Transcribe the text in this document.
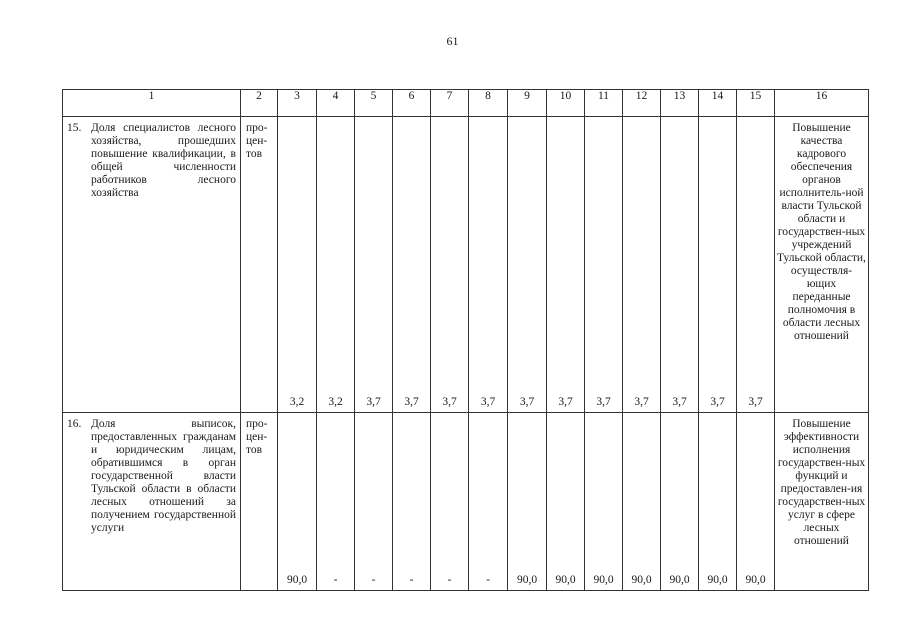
61
1	2	3	4	5	6	7	8	9	10	11	12	13	14	15	16

15. Доля специалистов лесного хозяйства, прошедших повышение квалификации, в общей численности работников лесного хозяйства	про-цен-тов	3,2	3,2	3,7	3,7	3,7	3,7	3,7	3,7	3,7	3,7	3,7	3,7	3,7	Повышение качества кадрового обеспечения органов исполнитель-ной власти Тульской области и государствен-ных учреждений Тульской области, осуществля-ющих переданные полномочия в области лесных отношений

16. Доля выписок, предоставленных гражданам и юридическим лицам, обратившимся в орган государственной власти Тульской области в области лесных отношений за получением государственной услуги	про-цен-тов	90,0	-	-	-	-	-	90,0	90,0	90,0	90,0	90,0	90,0	90,0	Повышение эффективности исполнения государствен-ных функций и предоставлен-ия государствен-ных услуг в сфере лесных отношений
